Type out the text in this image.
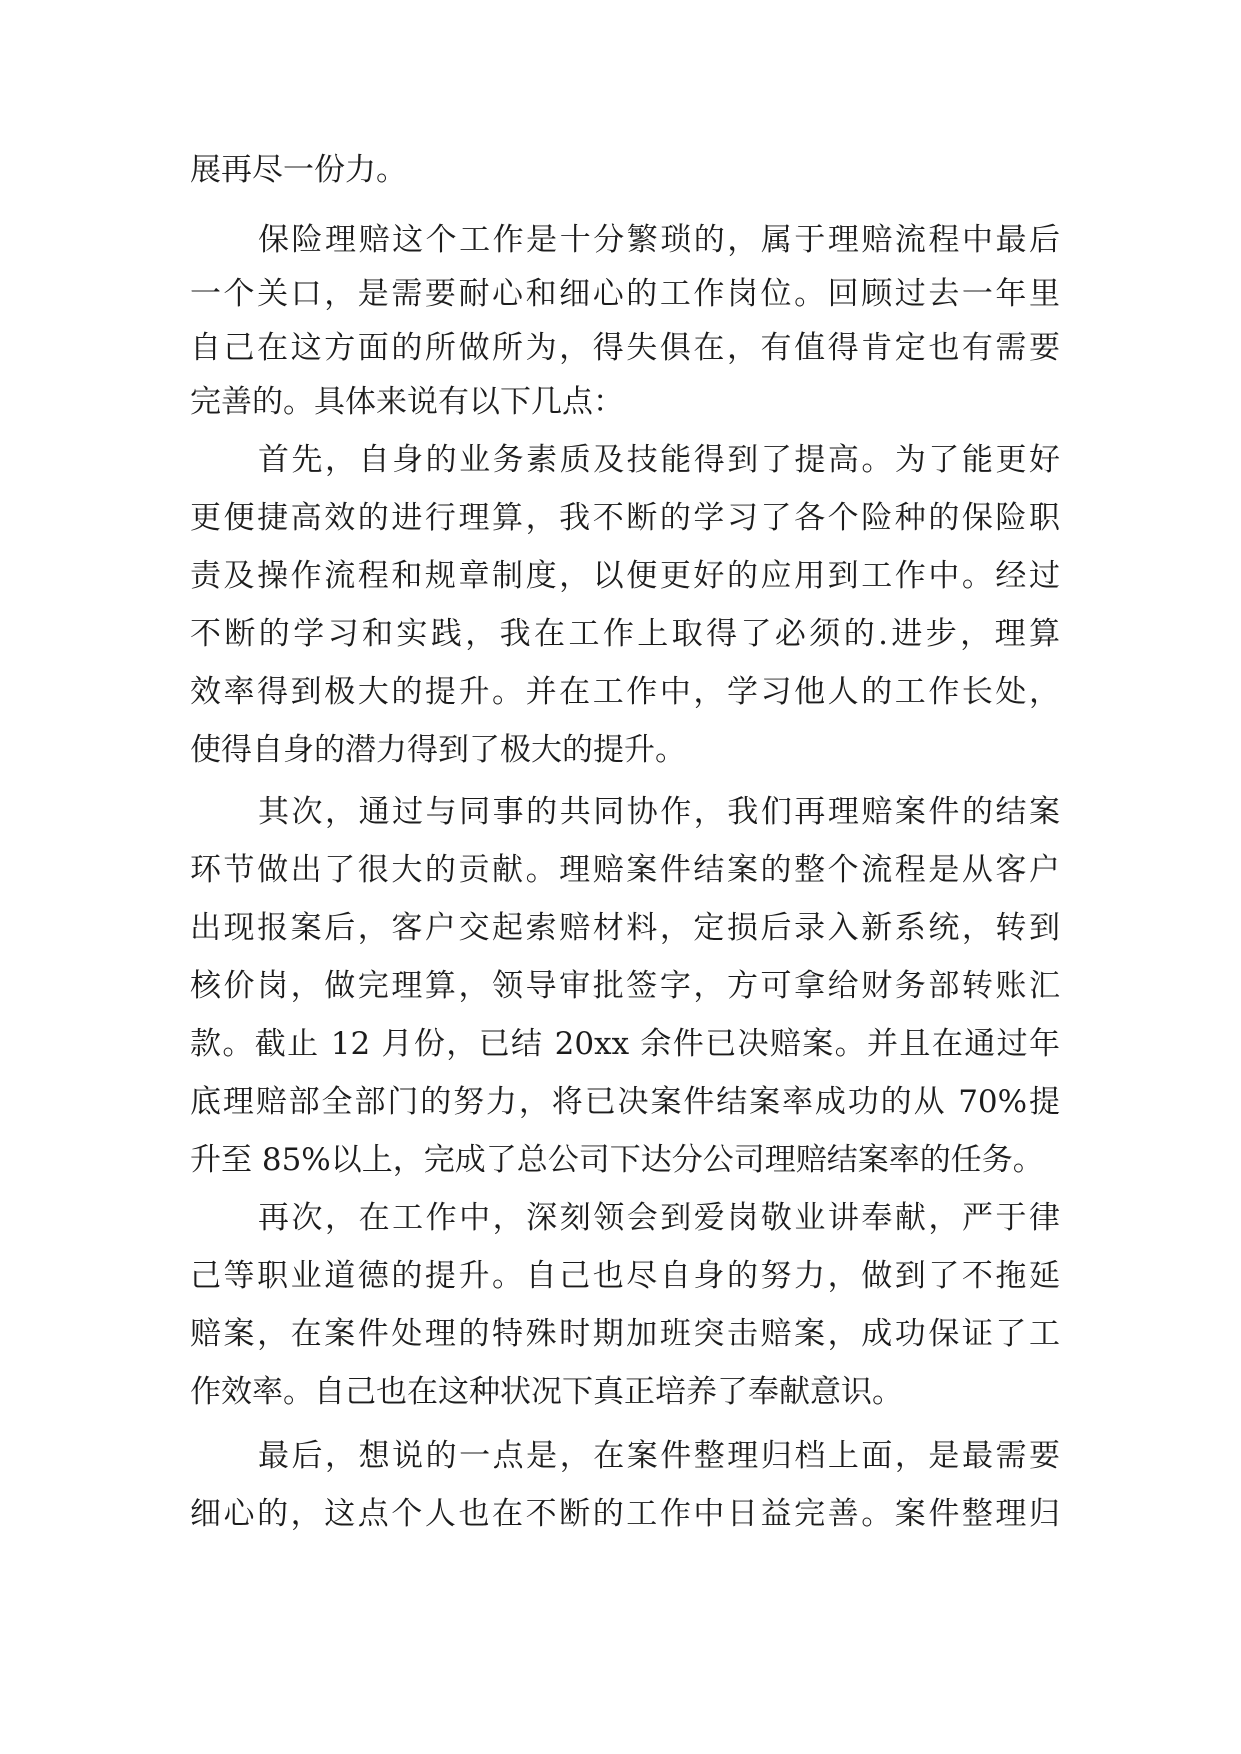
展再尽一份力。

保险理赔这个工作是十分繁琐的，属于理赔流程中最后

一个关口，是需要耐心和细心的工作岗位。回顾过去一年里

自己在这方面的所做所为，得失俱在，有值得肯定也有需要

完善的。具体来说有以下几点：

首先，自身的业务素质及技能得到了提高。为了能更好

更便捷高效的进行理算，我不断的学习了各个险种的保险职

责及操作流程和规章制度，以便更好的应用到工作中。经过

不断的学习和实践，我在工作上取得了必须的.进步，理算

效率得到极大的提升。并在工作中，学习他人的工作长处，

使得自身的潜力得到了极大的提升。

其次，通过与同事的共同协作，我们再理赔案件的结案

环节做出了很大的贡献。理赔案件结案的整个流程是从客户

出现报案后，客户交起索赔材料，定损后录入新系统，转到

核价岗，做完理算，领导审批签字，方可拿给财务部转账汇

款。截止 12 月份，已结 20xx 余件已决赔案。并且在通过年

底理赔部全部门的努力，将已决案件结案率成功的从 70%提

升至 85%以上，完成了总公司下达分公司理赔结案率的任务。

再次，在工作中，深刻领会到爱岗敬业讲奉献，严于律

己等职业道德的提升。自己也尽自身的努力，做到了不拖延

赔案，在案件处理的特殊时期加班突击赔案，成功保证了工

作效率。自己也在这种状况下真正培养了奉献意识。

最后，想说的一点是，在案件整理归档上面，是最需要

细心的，这点个人也在不断的工作中日益完善。案件整理归
